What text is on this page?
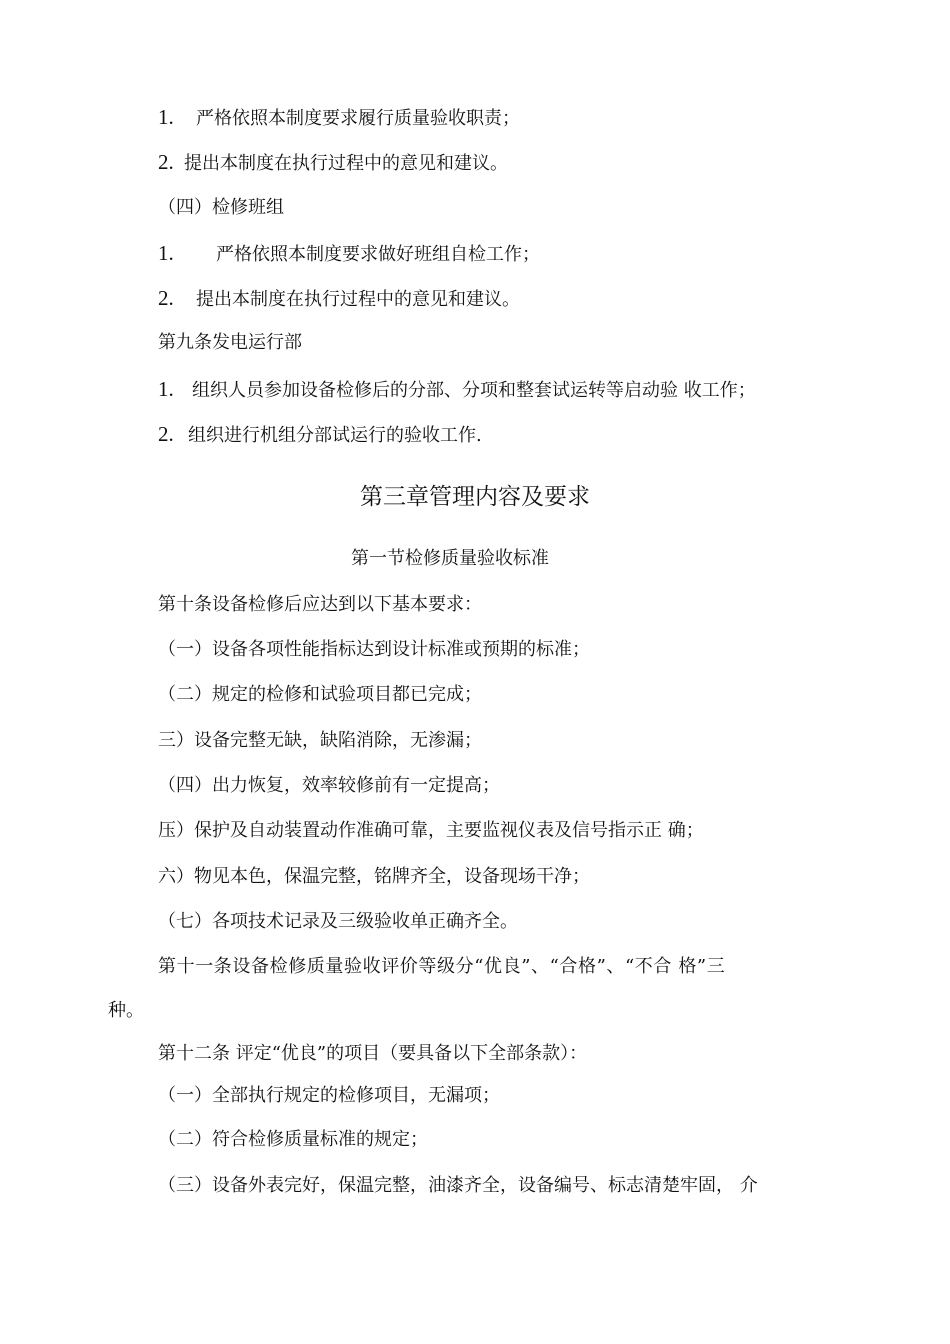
1. 严格依照本制度要求履行质量验收职责；
2. 提出本制度在执行过程中的意见和建议。
（四）检修班组
1. 严格依照本制度要求做好班组自检工作；
2. 提出本制度在执行过程中的意见和建议。
第九条发电运行部
1. 组织人员参加设备检修后的分部、分项和整套试运转等启动验 收工作；
2. 组织进行机组分部试运行的验收工作.
第三章管理内容及要求
第一节检修质量验收标准
第十条设备检修后应达到以下基本要求：
（一）设备各项性能指标达到设计标准或预期的标准；
（二）规定的检修和试验项目都已完成；
三）设备完整无缺，缺陷消除，无渗漏；
（四）出力恢复，效率较修前有一定提高；
压）保护及自动装置动作准确可靠，主要监视仪表及信号指示正 确；
六）物见本色，保温完整，铭牌齐全，设备现场干净；
（七）各项技术记录及三级验收单正确齐全。
第十一条设备检修质量验收评价等级分“优良”、“合格”、“不合 格”三
种。
第十二条 评定“优良”的项目（要具备以下全部条款）：
（一）全部执行规定的检修项目，无漏项；
（二）符合检修质量标准的规定；
（三）设备外表完好，保温完整，油漆齐全，设备编号、标志清楚牢固， 介
